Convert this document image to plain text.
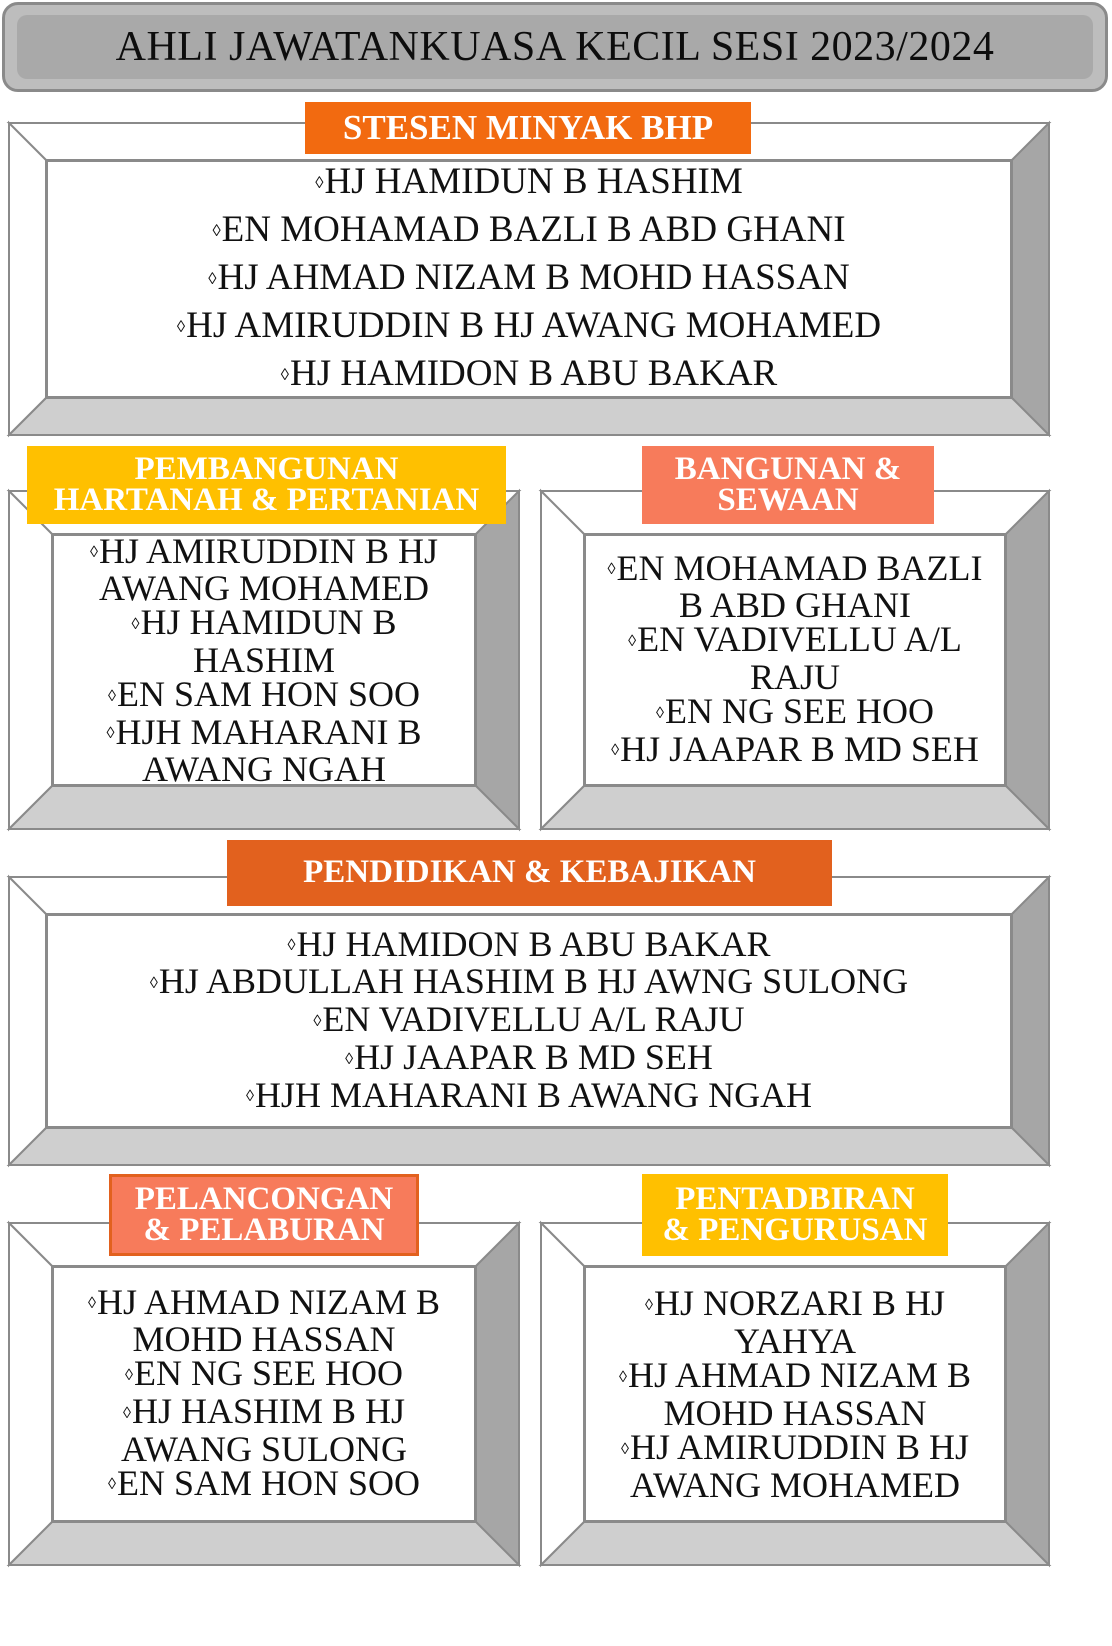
AHLI JAWATANKUASA KECIL SESI 2023/2024
◊HJ HAMIDUN B HASHIM
◊EN MOHAMAD BAZLI B ABD GHANI
◊HJ AHMAD NIZAM B MOHD HASSAN
◊HJ AMIRUDDIN B HJ AWANG MOHAMED
◊HJ HAMIDON B ABU BAKAR
STESEN MINYAK BHP
◊HJ AMIRUDDIN B HJ AWANG MOHAMED
◊HJ HAMIDUN B HASHIM
◊EN SAM HON SOO
◊HJH MAHARANI B AWANG NGAH
PEMBANGUNAN
HARTANAH & PERTANIAN
◊EN MOHAMAD BAZLI B ABD GHANI
◊EN VADIVELLU A/L RAJU
◊EN NG SEE HOO
◊HJ JAAPAR B MD SEH
BANGUNAN &
SEWAAN
◊HJ HAMIDON B ABU BAKAR
◊HJ ABDULLAH HASHIM B HJ AWNG SULONG
◊EN VADIVELLU A/L RAJU
◊HJ JAAPAR B MD SEH
◊HJH MAHARANI B AWANG NGAH
PENDIDIKAN & KEBAJIKAN
◊HJ AHMAD NIZAM B MOHD HASSAN
◊EN NG SEE HOO
◊HJ HASHIM B HJ AWANG SULONG
◊EN SAM HON SOO
PELANCONGAN
& PELABURAN
◊HJ NORZARI B HJ YAHYA
◊HJ AHMAD NIZAM B MOHD HASSAN
◊HJ AMIRUDDIN B HJ AWANG MOHAMED
PENTADBIRAN
& PENGURUSAN
